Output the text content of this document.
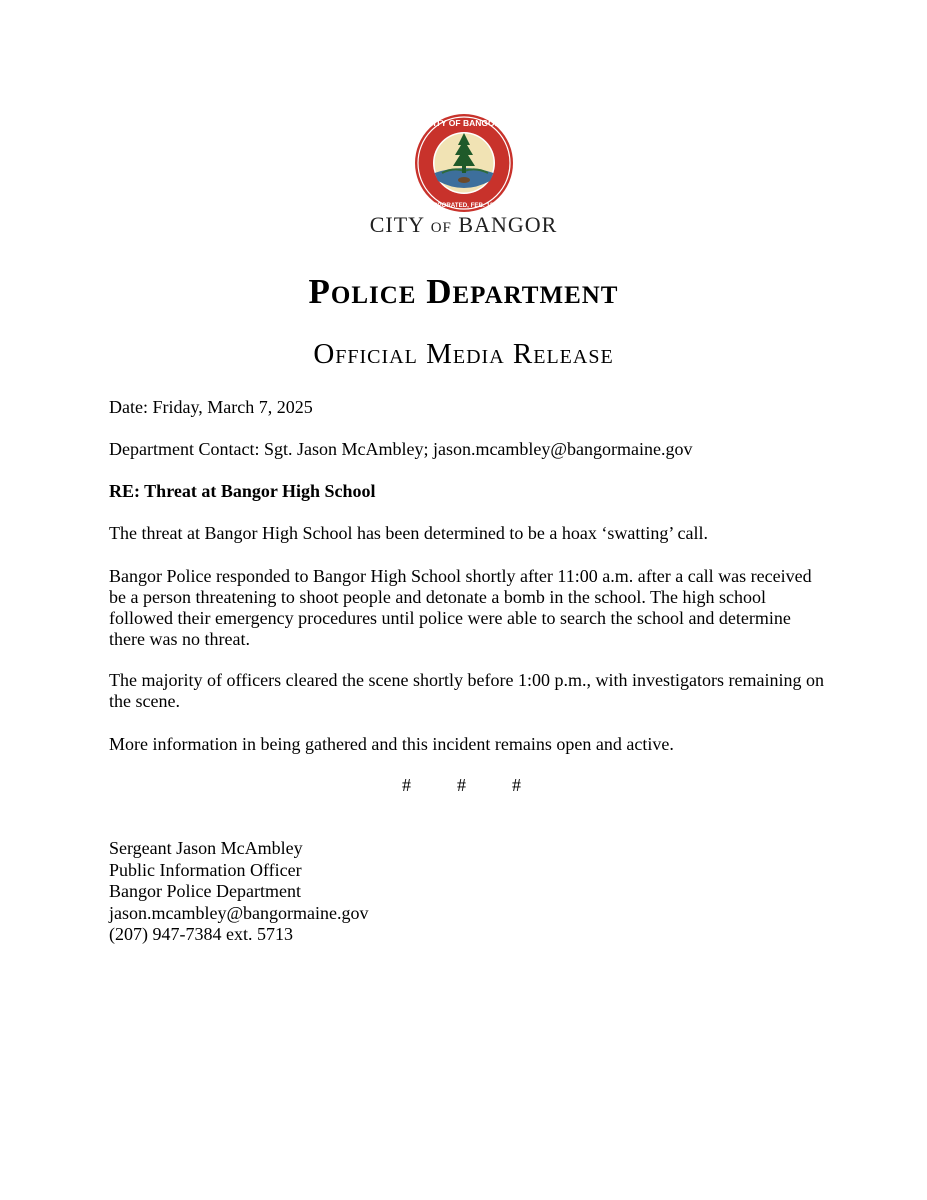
CITY OF BANGOR
INCORPORATED, FEB. 12, 1834
CITY OF BANGOR
Police Department
Official Media Release
Date: Friday, March 7, 2025
Department Contact: Sgt. Jason McAmbley; jason.mcambley@bangormaine.gov
RE: Threat at Bangor High School
The threat at Bangor High School has been determined to be a hoax ‘swatting’ call.
Bangor Police responded to Bangor High School shortly after 11:00 a.m. after a call was received be a person threatening to shoot people and detonate a bomb in the school. The high school followed their emergency procedures until police were able to search the school and determine there was no threat.
The majority of officers cleared the scene shortly before 1:00 p.m., with investigators remaining on the scene.
More information in being gathered and this incident remains open and active.
#	#	#
Sergeant Jason McAmbley
Public Information Officer
Bangor Police Department
jason.mcambley@bangormaine.gov
(207) 947-7384 ext. 5713
